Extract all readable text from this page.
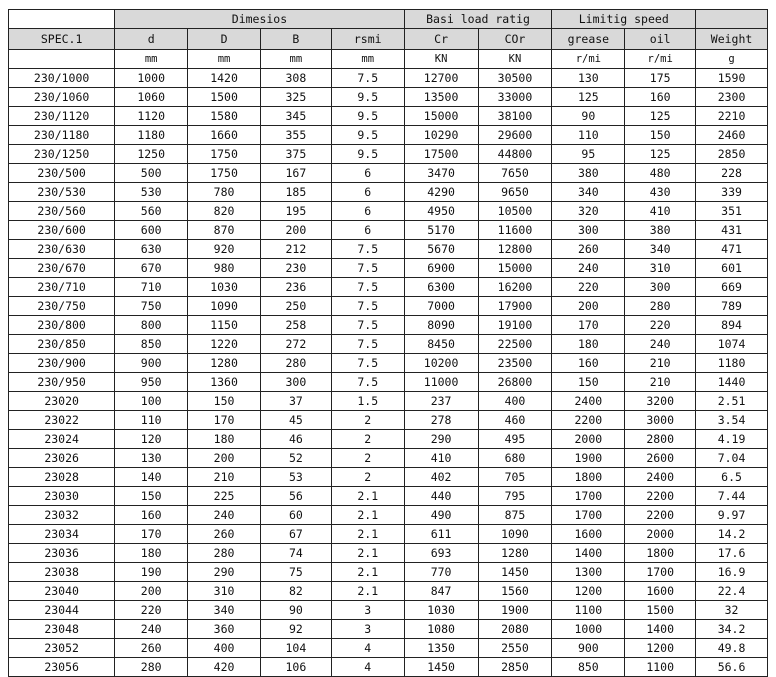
	Dimesios				Basi load ratig		Limitig speed		
SPEC.1	d	D	B	rsmi	Cr	COr	grease	oil	Weight
	mm	mm	mm	mm	KN	KN	r/mi	r/mi	g
230/1000	1000	1420	308	7.5	12700	30500	130	175	1590
230/1060	1060	1500	325	9.5	13500	33000	125	160	2300
230/1120	1120	1580	345	9.5	15000	38100	90	125	2210
230/1180	1180	1660	355	9.5	10290	29600	110	150	2460
230/1250	1250	1750	375	9.5	17500	44800	95	125	2850
230/500	500	1750	167	6	3470	7650	380	480	228
230/530	530	780	185	6	4290	9650	340	430	339
230/560	560	820	195	6	4950	10500	320	410	351
230/600	600	870	200	6	5170	11600	300	380	431
230/630	630	920	212	7.5	5670	12800	260	340	471
230/670	670	980	230	7.5	6900	15000	240	310	601
230/710	710	1030	236	7.5	6300	16200	220	300	669
230/750	750	1090	250	7.5	7000	17900	200	280	789
230/800	800	1150	258	7.5	8090	19100	170	220	894
230/850	850	1220	272	7.5	8450	22500	180	240	1074
230/900	900	1280	280	7.5	10200	23500	160	210	1180
230/950	950	1360	300	7.5	11000	26800	150	210	1440
23020	100	150	37	1.5	237	400	2400	3200	2.51
23022	110	170	45	2	278	460	2200	3000	3.54
23024	120	180	46	2	290	495	2000	2800	4.19
23026	130	200	52	2	410	680	1900	2600	7.04
23028	140	210	53	2	402	705	1800	2400	6.5
23030	150	225	56	2.1	440	795	1700	2200	7.44
23032	160	240	60	2.1	490	875	1700	2200	9.97
23034	170	260	67	2.1	611	1090	1600	2000	14.2
23036	180	280	74	2.1	693	1280	1400	1800	17.6
23038	190	290	75	2.1	770	1450	1300	1700	16.9
23040	200	310	82	2.1	847	1560	1200	1600	22.4
23044	220	340	90	3	1030	1900	1100	1500	32
23048	240	360	92	3	1080	2080	1000	1400	34.2
23052	260	400	104	4	1350	2550	900	1200	49.8
23056	280	420	106	4	1450	2850	850	1100	56.6
